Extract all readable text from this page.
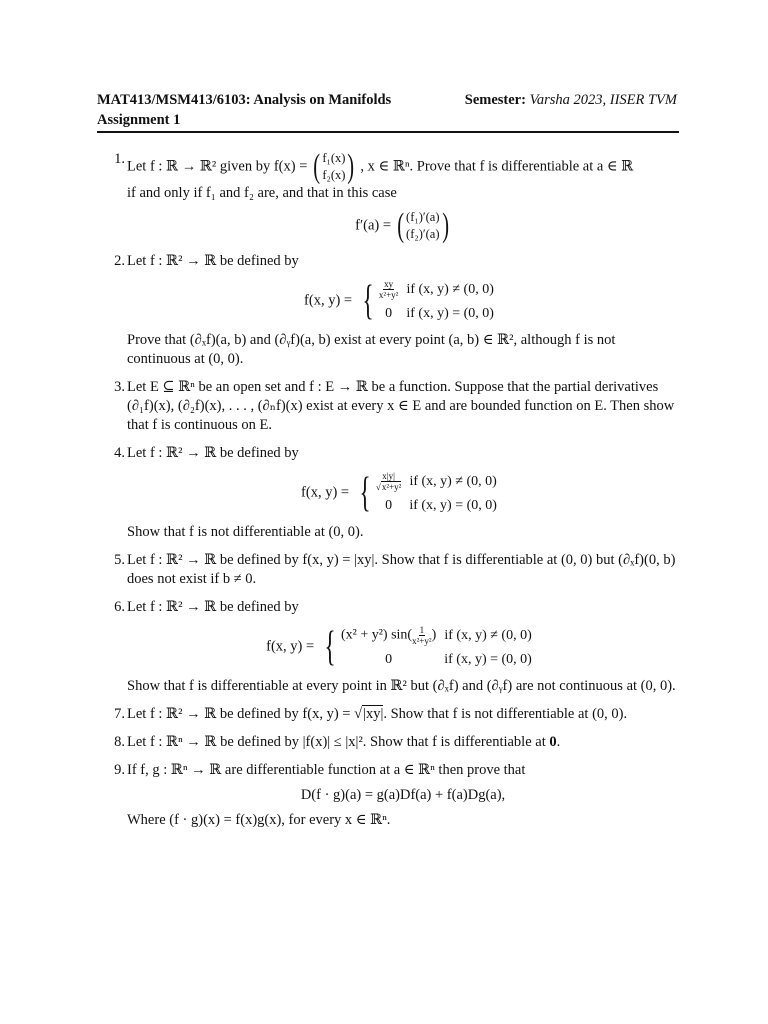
MAT413/MSM413/6103: Analysis on Manifolds
Assignment 1
Semester: Varsha 2023, IISER TVM
1. Let f : ℝ → ℝ² given by f(x) = ( f₁(x)
f₂(x) ) , x ∈ ℝⁿ. Prove that f is differentiable at a ∈ ℝ
if and only if f₁ and f₂ are, and that in this case
f′(a) = ( (f₁)′(a)
(f₂)′(a) )
2. Let f : ℝ² → ℝ be defined by
f(x, y) = { $\frac{xy}{\text{x²+y²}}$	if (x, y) ≠ (0, 0)
0	if (x, y) = (0, 0)
Prove that (∂ₓf)(a, b) and (∂ᵧf)(a, b) exist at every point (a, b) ∈ ℝ², although f is not continuous at (0, 0).
3. Let E ⊆ ℝⁿ be an open set and f : E → ℝ be a function. Suppose that the partial derivatives (∂₁f)(x), (∂₂f)(x), . . . , (∂ₙf)(x) exist at every x ∈ E and are bounded function on E. Then show that f is continuous on E.
4. Let f : ℝ² → ℝ be defined by
f(x, y) = { $\frac{x|y|}{\text{√x²+y²}}$	if (x, y) ≠ (0, 0)
0	if (x, y) = (0, 0)
Show that f is not differentiable at (0, 0).
5. Let f : ℝ² → ℝ be defined by f(x, y) = |xy|. Show that f is differentiable at (0, 0) but (∂ₓf)(0, b) does not exist if b ≠ 0.
6. Let f : ℝ² → ℝ be defined by
f(x, y) = { (x² + y²) $\sin( \frac{1}{\text{x²+y²}}$ )	if (x, y) ≠ (0, 0)
0	if (x, y) = (0, 0)
Show that f is differentiable at every point in ℝ² but (∂ₓf) and (∂ᵧf) are not continuous at (0, 0).
7. Let f : ℝ² → ℝ be defined by f(x, y) = √|xy|. Show that f is not differentiable at (0, 0).
8. Let f : ℝⁿ → ℝ be defined by |f(x)| ≤ |x|². Show that f is differentiable at 0.
9. If f, g : ℝⁿ → ℝ are differentiable function at a ∈ ℝⁿ then prove that
D(f · g)(a) = g(a)Df(a) + f(a)Dg(a),
Where (f · g)(x) = f(x)g(x), for every x ∈ ℝⁿ.
